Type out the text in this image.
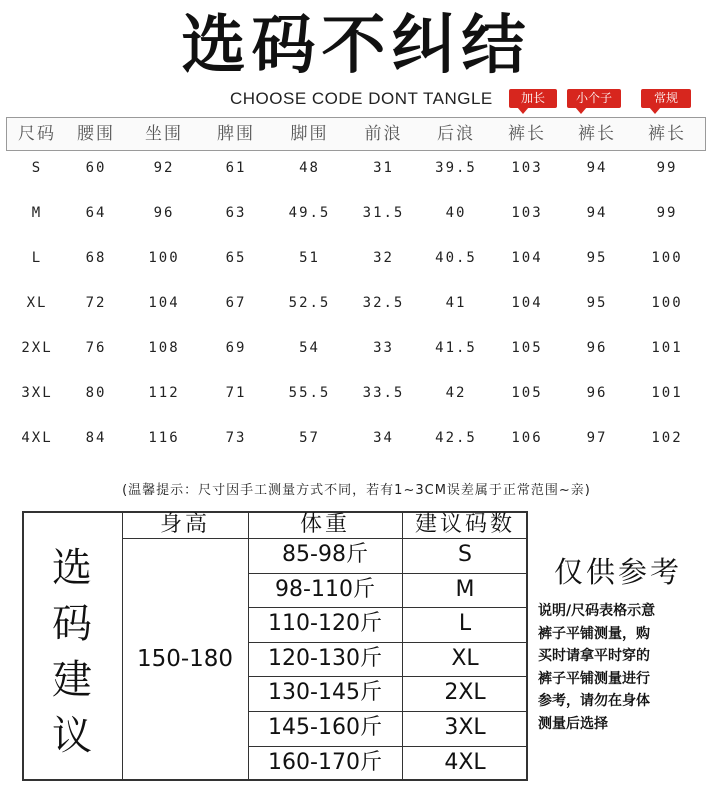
选码不纠结
CHOOSE CODE DONT TANGLE	加长	小个子	常规
尺码	腰围	坐围	脾围	脚围	前浪	后浪	裤长	裤长	裤长
S	60	92	61	48	31	39.5	103	94	99
M	64	96	63	49.5	31.5	40	103	94	99
L	68	100	65	51	32	40.5	104	95	100
XL	72	104	67	52.5	32.5	41	104	95	100
2XL	76	108	69	54	33	41.5	105	96	101
3XL	80	112	71	55.5	33.5	42	105	96	101
4XL	84	116	73	57	34	42.5	106	97	102
(温馨提示：尺寸因手工测量方式不同，若有1~3CM误差属于正常范围~亲)
选
码
建
议
身高	体重	建议码数
150-180
85-98斤	S
98-110斤	M
110-120斤	L
120-130斤	XL
130-145斤	2XL
145-160斤	3XL
160-170斤	4XL
仅供参考
说明/尺码表格示意
裤子平铺测量，购
买时请拿平时穿的
裤子平铺测量进行
参考，请勿在身体
测量后选择
